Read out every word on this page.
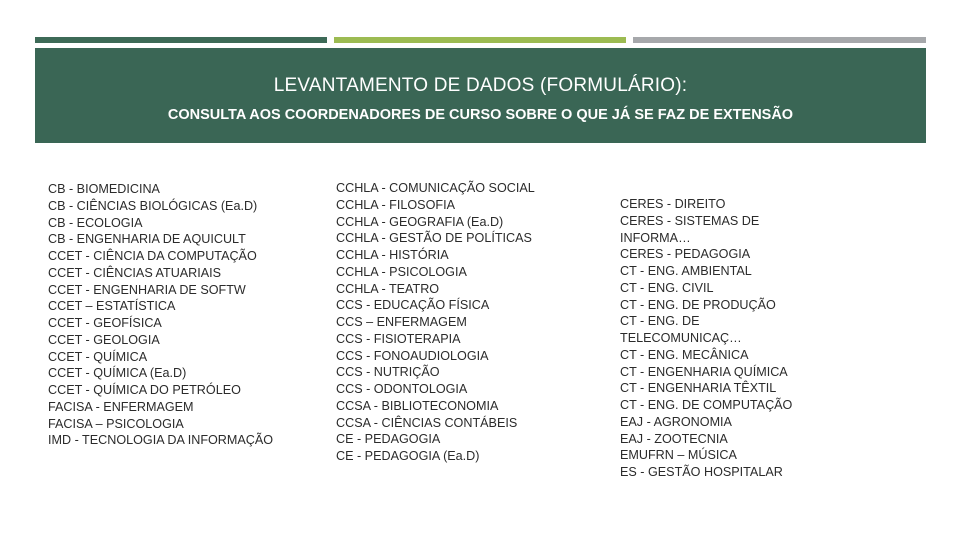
LEVANTAMENTO DE DADOS (FORMULÁRIO):
CONSULTA AOS COORDENADORES DE CURSO SOBRE O QUE JÁ SE FAZ DE EXTENSÃO
CB - BIOMEDICINA
CB - CIÊNCIAS BIOLÓGICAS (Ea.D)
CB - ECOLOGIA
CB - ENGENHARIA DE AQUICULT
CCET - CIÊNCIA DA COMPUTAÇÃO
CCET - CIÊNCIAS ATUARIAIS
CCET - ENGENHARIA DE SOFTW
CCET – ESTATÍSTICA
CCET - GEOFÍSICA
CCET - GEOLOGIA
CCET - QUÍMICA
CCET - QUÍMICA (Ea.D)
CCET - QUÍMICA DO PETRÓLEO
FACISA - ENFERMAGEM
FACISA – PSICOLOGIA
IMD - TECNOLOGIA DA INFORMAÇÃO
CCHLA - COMUNICAÇÃO SOCIAL
CCHLA - FILOSOFIA
CCHLA - GEOGRAFIA (Ea.D)
CCHLA - GESTÃO DE POLÍTICAS
CCHLA - HISTÓRIA
CCHLA - PSICOLOGIA
CCHLA - TEATRO
CCS - EDUCAÇÃO FÍSICA
CCS – ENFERMAGEM
CCS - FISIOTERAPIA
CCS - FONOAUDIOLOGIA
CCS - NUTRIÇÃO
CCS - ODONTOLOGIA
CCSA - BIBLIOTECONOMIA
CCSA - CIÊNCIAS CONTÁBEIS
CE - PEDAGOGIA
CE - PEDAGOGIA (Ea.D)
CERES - DIREITO
CERES - SISTEMAS DE
INFORMA…
CERES - PEDAGOGIA
CT - ENG. AMBIENTAL
CT - ENG. CIVIL
CT - ENG. DE PRODUÇÃO
CT - ENG. DE
TELECOMUNICAÇ…
CT - ENG. MECÂNICA
CT - ENGENHARIA QUÍMICA
CT - ENGENHARIA TÊXTIL
CT - ENG. DE COMPUTAÇÃO
EAJ - AGRONOMIA
EAJ - ZOOTECNIA
EMUFRN – MÚSICA
ES - GESTÃO HOSPITALAR
